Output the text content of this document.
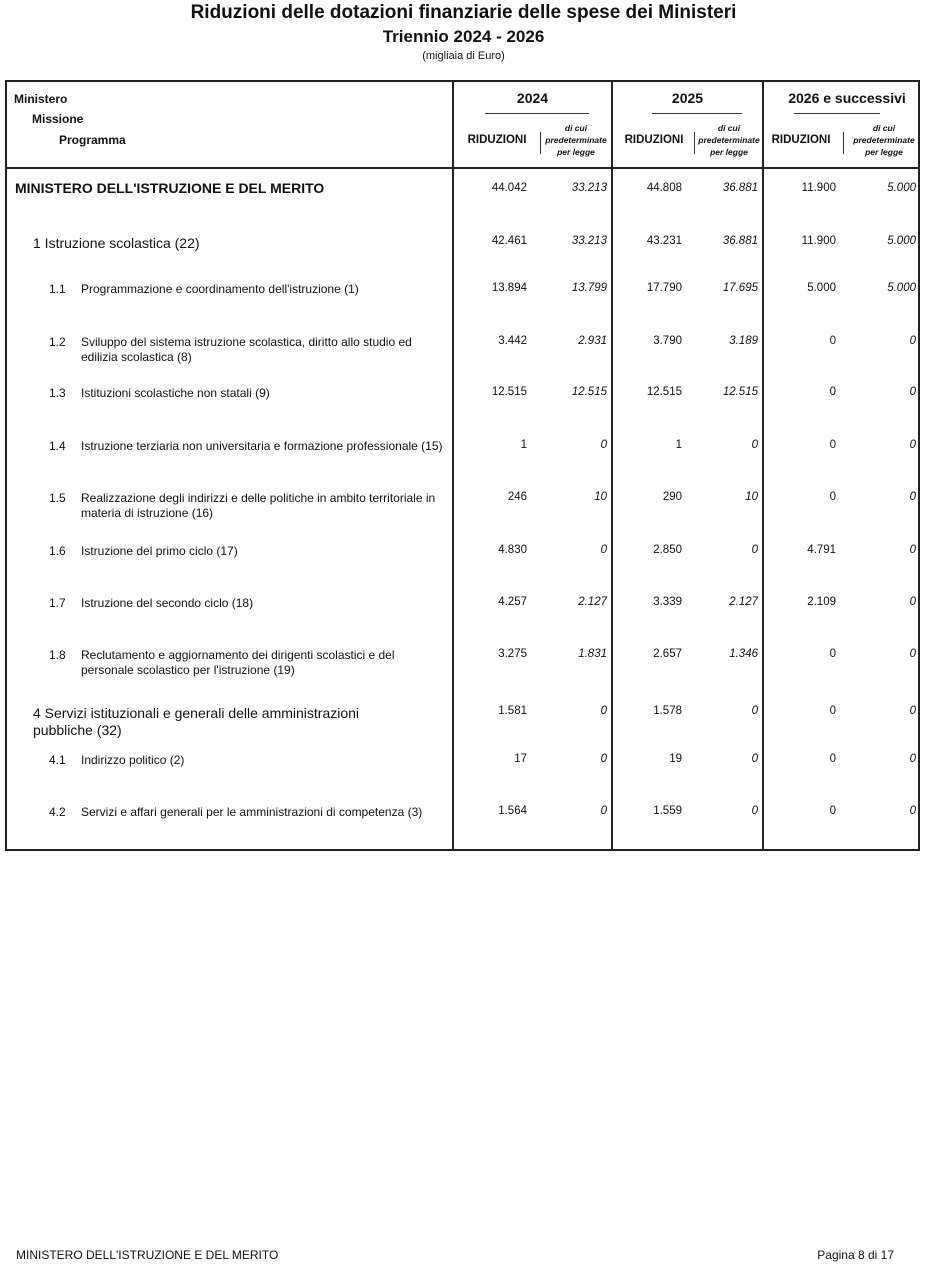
Riduzioni delle dotazioni finanziarie delle spese dei Ministeri
Triennio 2024 - 2026
(migliaia di Euro)
Ministero
Missione
Programma
2024	2025	2026 e successivi
RIDUZIONI
di cui
predeterminate
per legge
RIDUZIONI
di cui
predeterminate
per legge
RIDUZIONI
di cui
predeterminate
per legge
MINISTERO DELL'ISTRUZIONE E DEL MERITO	44.042	33.213	44.808	36.881	11.900	5.000
1 Istruzione scolastica (22)	42.461	33.213	43.231	36.881	11.900	5.000
1.1 Programmazione e coordinamento dell'istruzione (1)	13.894	13.799	17.790	17.695	5.000	5.000
1.2 Sviluppo del sistema istruzione scolastica, diritto allo studio ed edilizia scolastica (8)
3.442	2.931	3.790	3.189	0	0
1.3 Istituzioni scolastiche non statali (9)	12.515	12.515	12.515	12.515	0	0
1.4 Istruzione terziaria non universitaria e formazione professionale (15)	1	0	1	0	0	0
1.5 Realizzazione degli indirizzi e delle politiche in ambito territoriale in materia di istruzione (16)
246	10	290	10	0	0
1.6 Istruzione del primo ciclo (17)	4.830	0	2.850	0	4.791	0
1.7 Istruzione del secondo ciclo (18)	4.257	2.127	3.339	2.127	2.109	0
1.8 Reclutamento e aggiornamento dei dirigenti scolastici e del personale scolastico per l'istruzione (19)
3.275	1.831	2.657	1.346	0	0
4 Servizi istituzionali e generali delle amministrazioni pubbliche (32)
1.581	0	1.578	0	0	0
4.1 Indirizzo politico (2)	17	0	19	0	0	0
4.2 Servizi e affari generali per le amministrazioni di competenza (3)	1.564	0	1.559	0	0	0
MINISTERO DELL'ISTRUZIONE E DEL MERITO	Pagina 8 di 17
